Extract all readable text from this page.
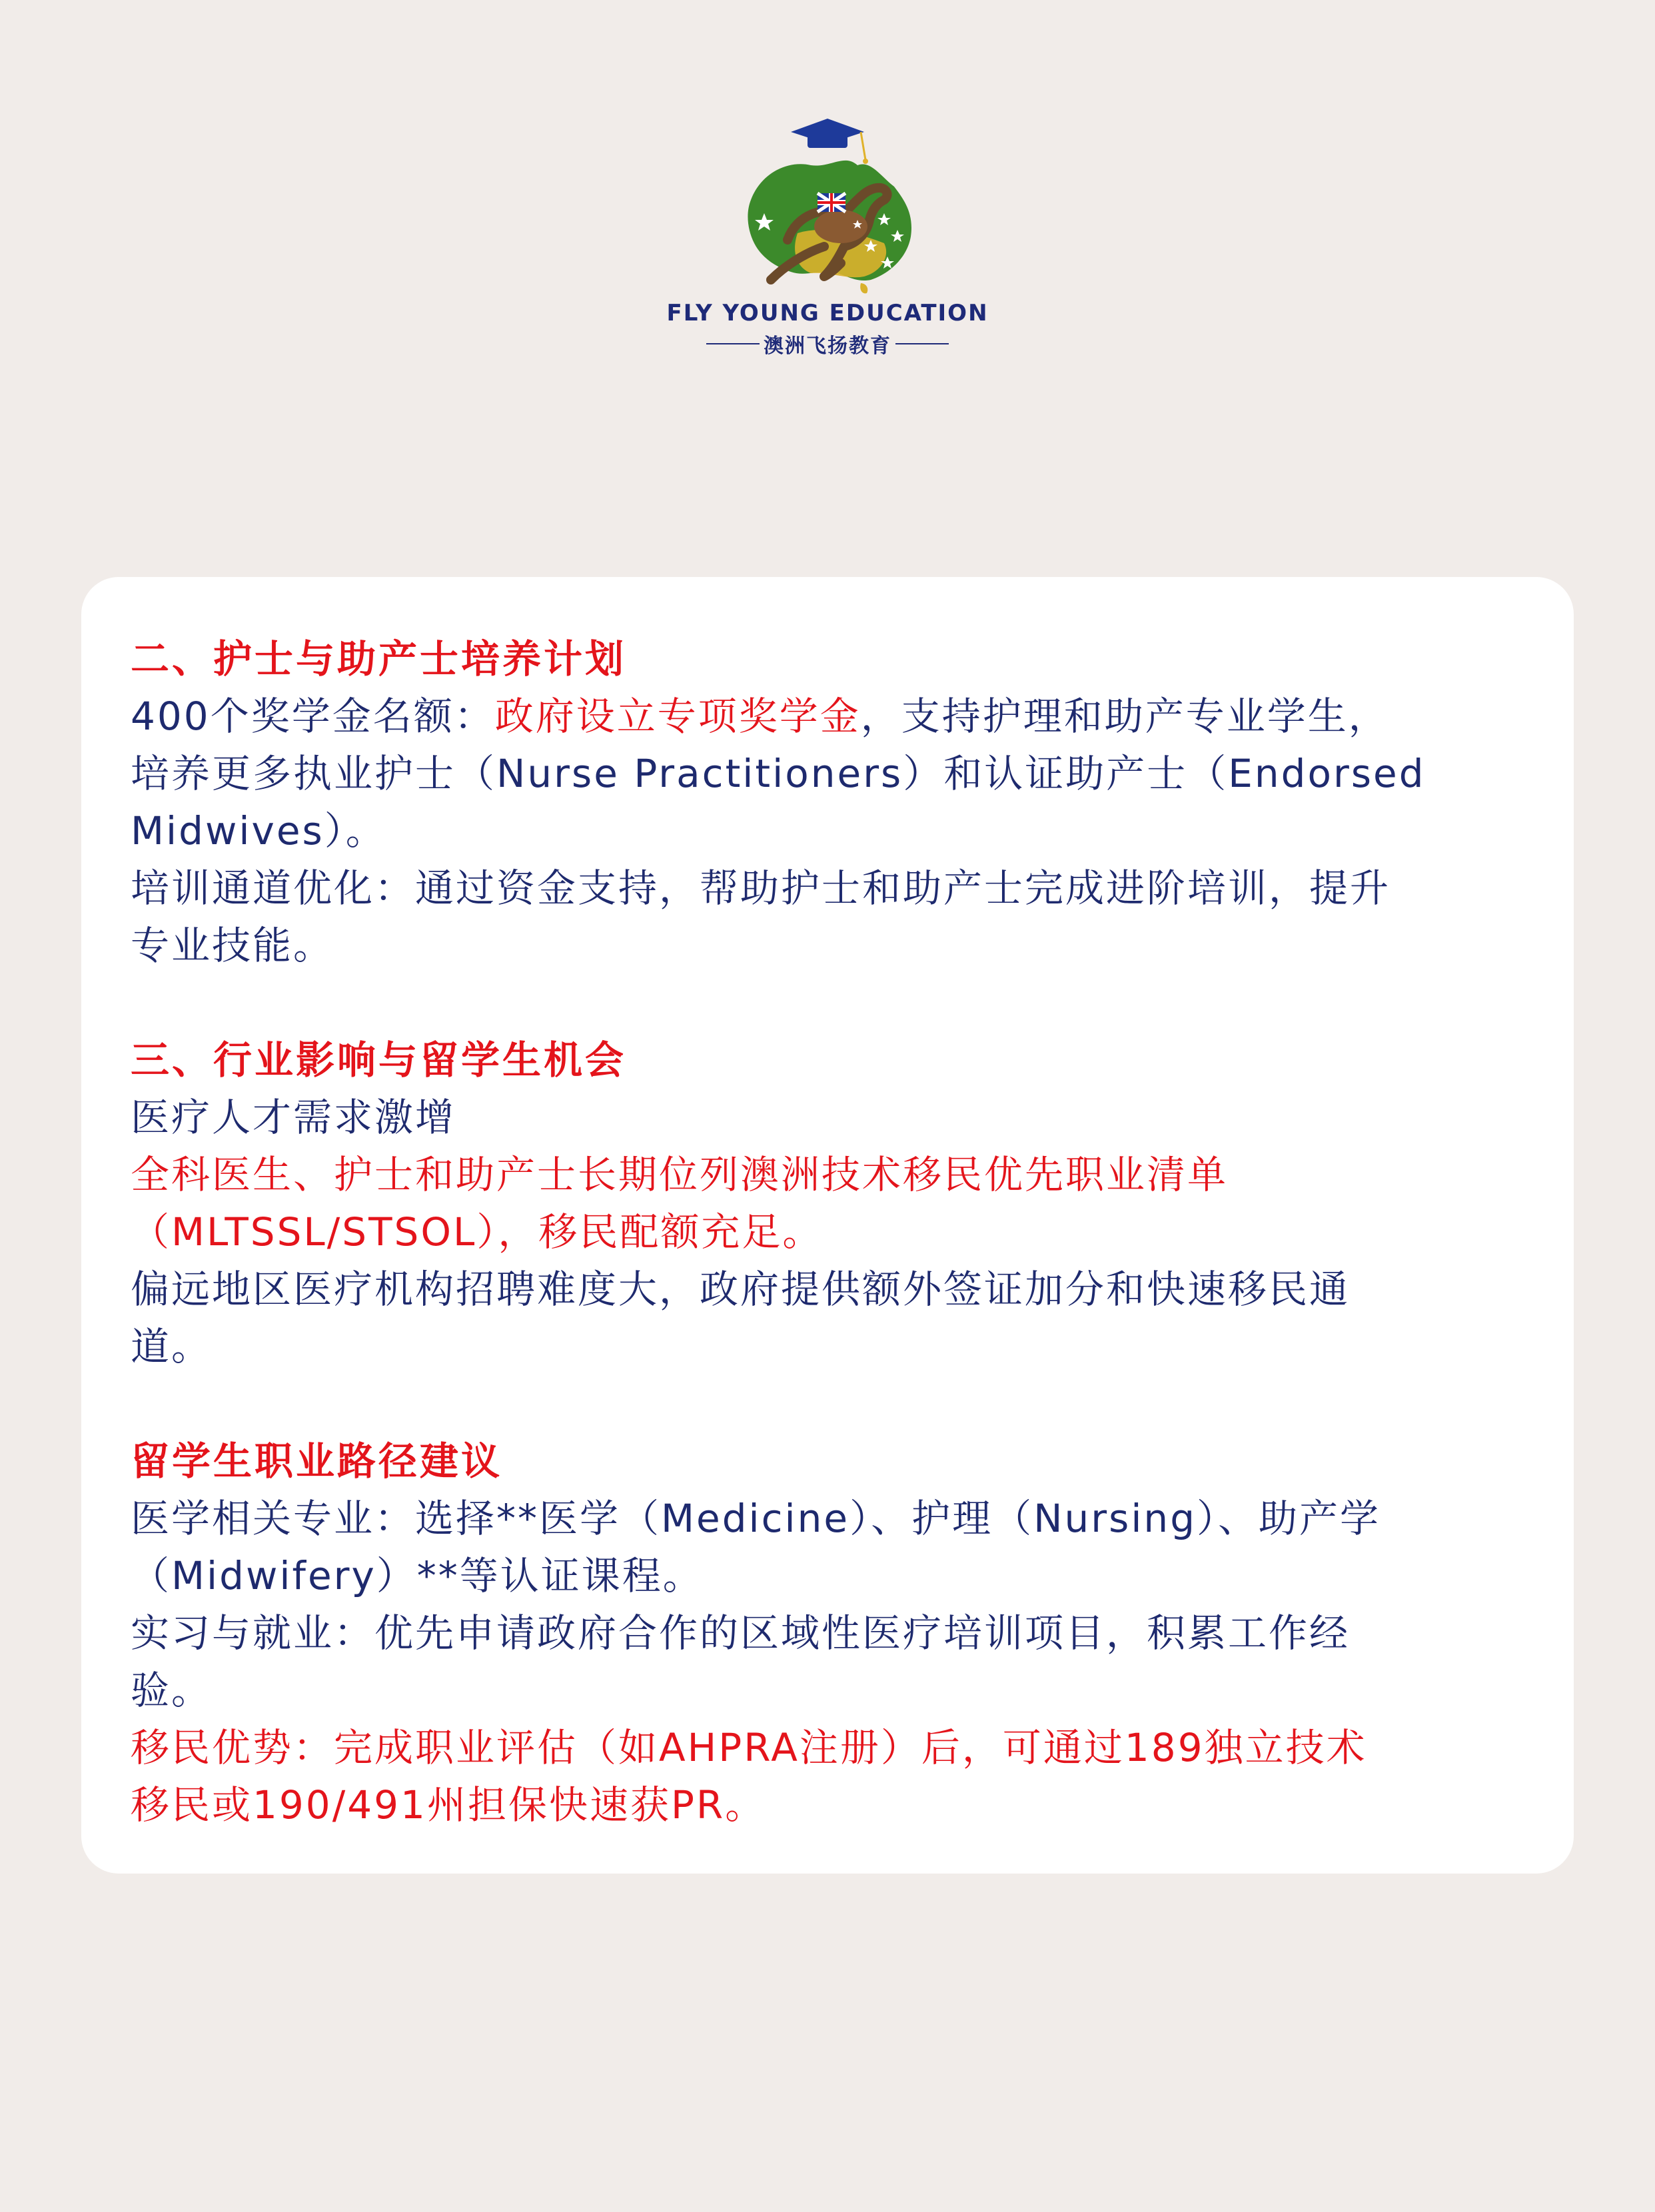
FLY YOUNG EDUCATION
澳洲飞扬教育
二、护士与助产士培养计划
400个奖学金名额：政府设立专项奖学金，支持护理和助产专业学生，
培养更多执业护士（Nurse Practitioners）和认证助产士（Endorsed
Midwives）。
培训通道优化：通过资金支持，帮助护士和助产士完成进阶培训，提升
专业技能。
三、行业影响与留学生机会
医疗人才需求激增
全科医生、护士和助产士长期位列澳洲技术移民优先职业清单
（MLTSSL/STSOL），移民配额充足。
偏远地区医疗机构招聘难度大，政府提供额外签证加分和快速移民通
道。
留学生职业路径建议
医学相关专业：选择**医学（Medicine）、护理（Nursing）、助产学
（Midwifery）**等认证课程。
实习与就业：优先申请政府合作的区域性医疗培训项目，积累工作经
验。
移民优势：完成职业评估（如AHPRA注册）后，可通过189独立技术
移民或190/491州担保快速获PR。
